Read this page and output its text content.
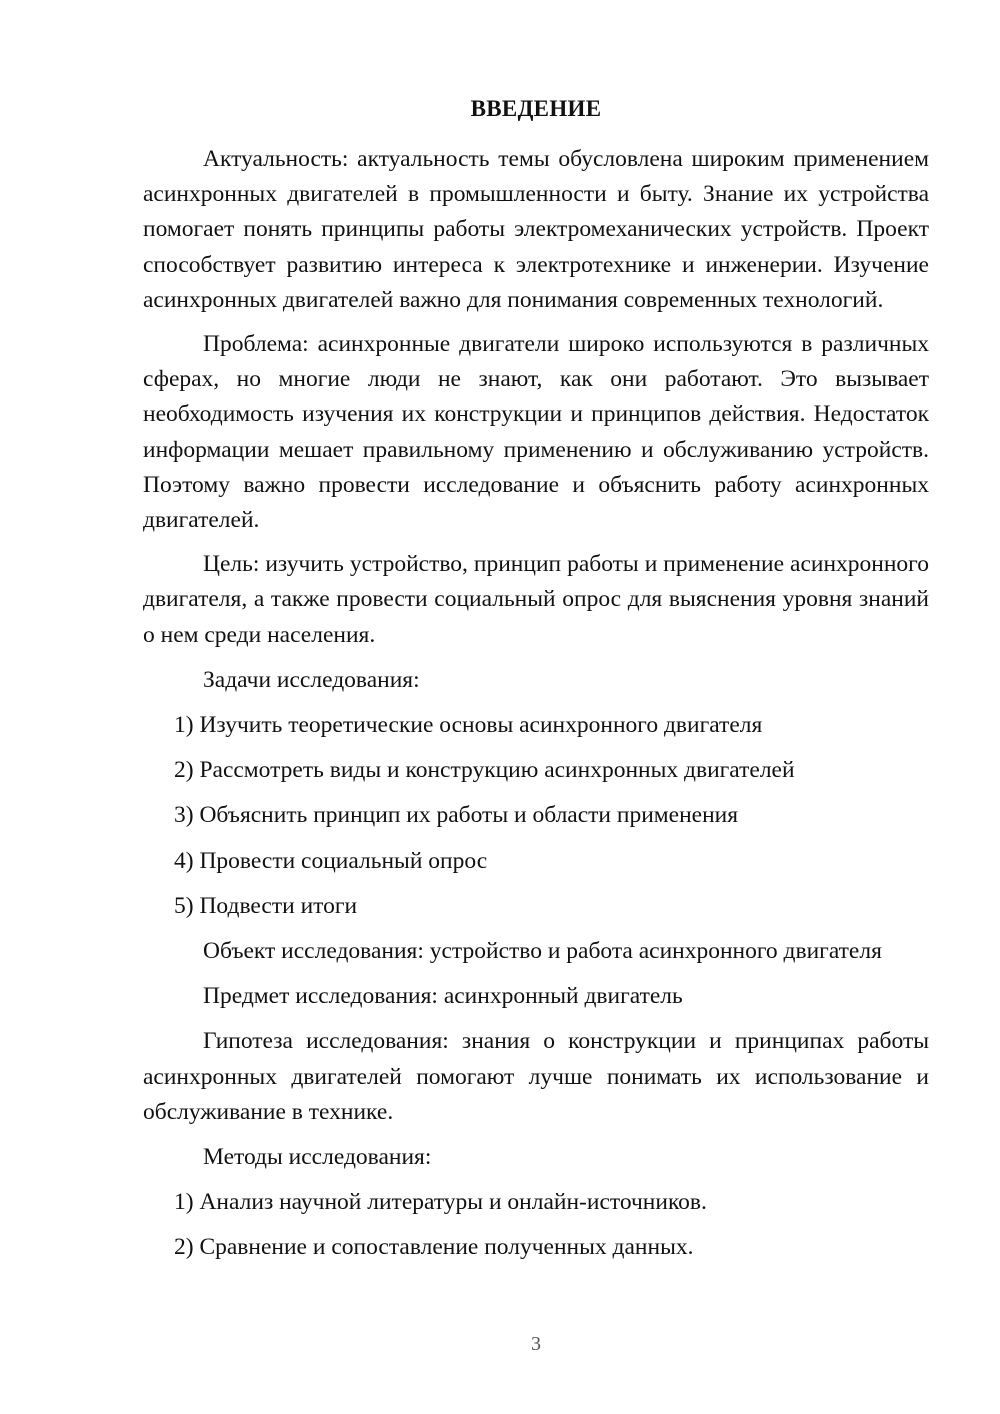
ВВЕДЕНИЕ

Актуальность: актуальность темы обусловлена широким применением асинхронных двигателей в промышленности и быту. Знание их устройства помогает понять принципы работы электромеханических устройств. Проект способствует развитию интереса к электротехнике и инженерии. Изучение асинхронных двигателей важно для понимания современных технологий.

Проблема: асинхронные двигатели широко используются в различных сферах, но многие люди не знают, как они работают. Это вызывает необходимость изучения их конструкции и принципов действия. Недостаток информации мешает правильному применению и обслуживанию устройств. Поэтому важно провести исследование и объяснить работу асинхронных двигателей.

Цель: изучить устройство, принцип работы и применение асинхронного двигателя, а также провести социальный опрос для выяснения уровня знаний о нем среди населения.

Задачи исследования:

1) Изучить теоретические основы асинхронного двигателя

2) Рассмотреть виды и конструкцию асинхронных двигателей

3) Объяснить принцип их работы и области применения

4) Провести социальный опрос

5) Подвести итоги

Объект исследования: устройство и работа асинхронного двигателя

Предмет исследования: асинхронный двигатель

Гипотеза исследования: знания о конструкции и принципах работы асинхронных двигателей помогают лучше понимать их использование и обслуживание в технике.

Методы исследования:

1) Анализ научной литературы и онлайн-источников.

2) Сравнение и сопоставление полученных данных.

3
